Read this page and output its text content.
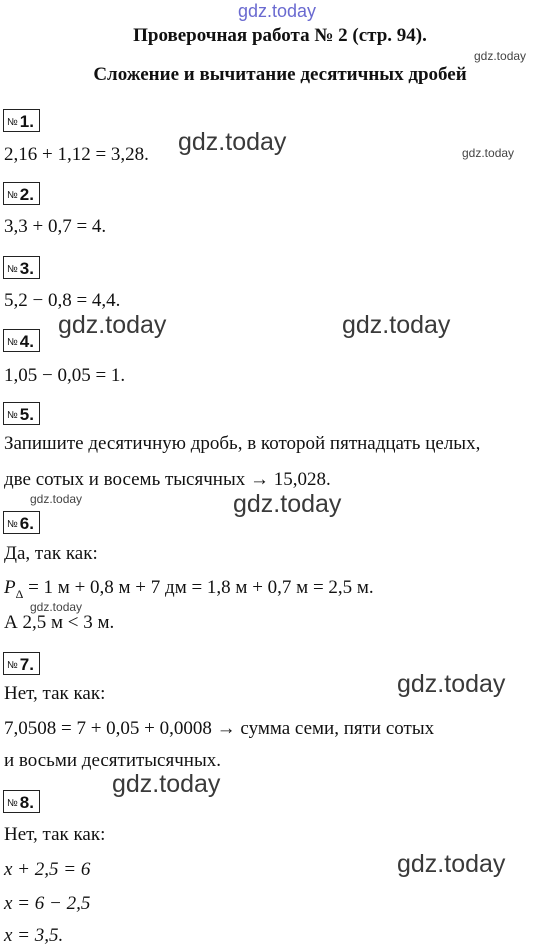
gdz.today
gdz.today
gdz.today	gdz.today
gdz.today	gdz.today
gdz.today	gdz.today
gdz.today
gdz.today
gdz.today
gdz.today
Проверочная работа № 2 (стр. 94).
Сложение и вычитание десятичных дробей
№ 1.
2,16 + 1,12 = 3,28.
№ 2.
3,3 + 0,7 = 4.
№ 3.
5,2 − 0,8 = 4,4.
№ 4.
1,05 − 0,05 = 1.
№ 5.
Запишите десятичную дробь, в которой пятнадцать целых,
две сотых и восемь тысячных → 15,028.
№ 6.
Да, так как:
$P_\Delta = 1$ м + 0,8 м + 7 дм = 1,8 м + 0,7 м = 2,5 м.
А 2,5 м < 3 м.
№ 7.
Нет, так как:
7,0508 = 7 + 0,05 + 0,0008 → сумма семи, пяти сотых
и восьми десятитысячных.
№ 8.
Нет, так как:
x + 2,5 = 6
x = 6 − 2,5
x = 3,5.
